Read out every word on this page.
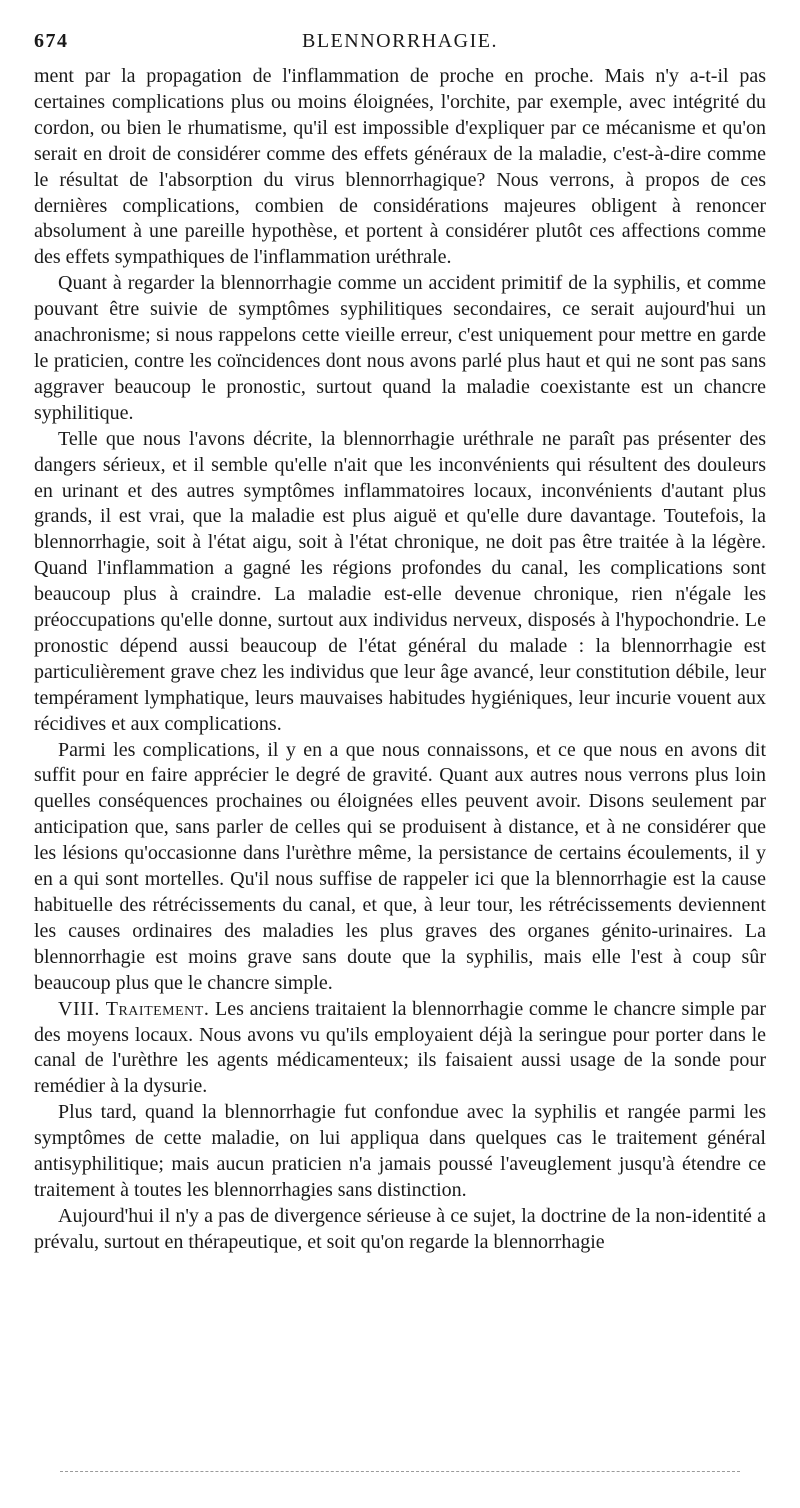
674	BLENNORRHAGIE.

ment par la propagation de l'inflammation de proche en proche. Mais n'y a-t-il pas certaines complications plus ou moins éloignées, l'orchite, par exemple, avec intégrité du cordon, ou bien le rhumatisme, qu'il est impossible d'expliquer par ce mécanisme et qu'on serait en droit de considérer comme des effets généraux de la maladie, c'est-à-dire comme le résultat de l'absorption du virus blennorrhagique? Nous verrons, à propos de ces dernières complications, combien de considérations majeures obligent à renoncer absolument à une pareille hypothèse, et portent à considérer plutôt ces affections comme des effets sympathiques de l'inflammation uréthrale.

Quant à regarder la blennorrhagie comme un accident primitif de la syphilis, et comme pouvant être suivie de symptômes syphilitiques secondaires, ce serait aujourd'hui un anachronisme; si nous rappelons cette vieille erreur, c'est uniquement pour mettre en garde le praticien, contre les coïncidences dont nous avons parlé plus haut et qui ne sont pas sans aggraver beaucoup le pronostic, surtout quand la maladie coexistante est un chancre syphilitique.

Telle que nous l'avons décrite, la blennorrhagie uréthrale ne paraît pas présenter des dangers sérieux, et il semble qu'elle n'ait que les inconvénients qui résultent des douleurs en urinant et des autres symptômes inflammatoires locaux, inconvénients d'autant plus grands, il est vrai, que la maladie est plus aiguë et qu'elle dure davantage. Toutefois, la blennorrhagie, soit à l'état aigu, soit à l'état chronique, ne doit pas être traitée à la légère. Quand l'inflammation a gagné les régions profondes du canal, les complications sont beaucoup plus à craindre. La maladie est-elle devenue chronique, rien n'égale les préoccupations qu'elle donne, surtout aux individus nerveux, disposés à l'hypochondrie. Le pronostic dépend aussi beaucoup de l'état général du malade : la blennorrhagie est particulièrement grave chez les individus que leur âge avancé, leur constitution débile, leur tempérament lymphatique, leurs mauvaises habitudes hygiéniques, leur incurie vouent aux récidives et aux complications.

Parmi les complications, il y en a que nous connaissons, et ce que nous en avons dit suffit pour en faire apprécier le degré de gravité. Quant aux autres nous verrons plus loin quelles conséquences prochaines ou éloignées elles peuvent avoir. Disons seulement par anticipation que, sans parler de celles qui se produisent à distance, et à ne considérer que les lésions qu'occasionne dans l'urèthre même, la persistance de certains écoulements, il y en a qui sont mortelles. Qu'il nous suffise de rappeler ici que la blennorrhagie est la cause habituelle des rétrécissements du canal, et que, à leur tour, les rétrécissements deviennent les causes ordinaires des maladies les plus graves des organes génito-urinaires. La blennorrhagie est moins grave sans doute que la syphilis, mais elle l'est à coup sûr beaucoup plus que le chancre simple.

VIII. Traitement. Les anciens traitaient la blennorrhagie comme le chancre simple par des moyens locaux. Nous avons vu qu'ils employaient déjà la seringue pour porter dans le canal de l'urèthre les agents médicamenteux; ils faisaient aussi usage de la sonde pour remédier à la dysurie.

Plus tard, quand la blennorrhagie fut confondue avec la syphilis et rangée parmi les symptômes de cette maladie, on lui appliqua dans quelques cas le traitement général antisyphilitique; mais aucun praticien n'a jamais poussé l'aveuglement jusqu'à étendre ce traitement à toutes les blennorrhagies sans distinction.

Aujourd'hui il n'y a pas de divergence sérieuse à ce sujet, la doctrine de la non-identité a prévalu, surtout en thérapeutique, et soit qu'on regarde la blennorrhagie
